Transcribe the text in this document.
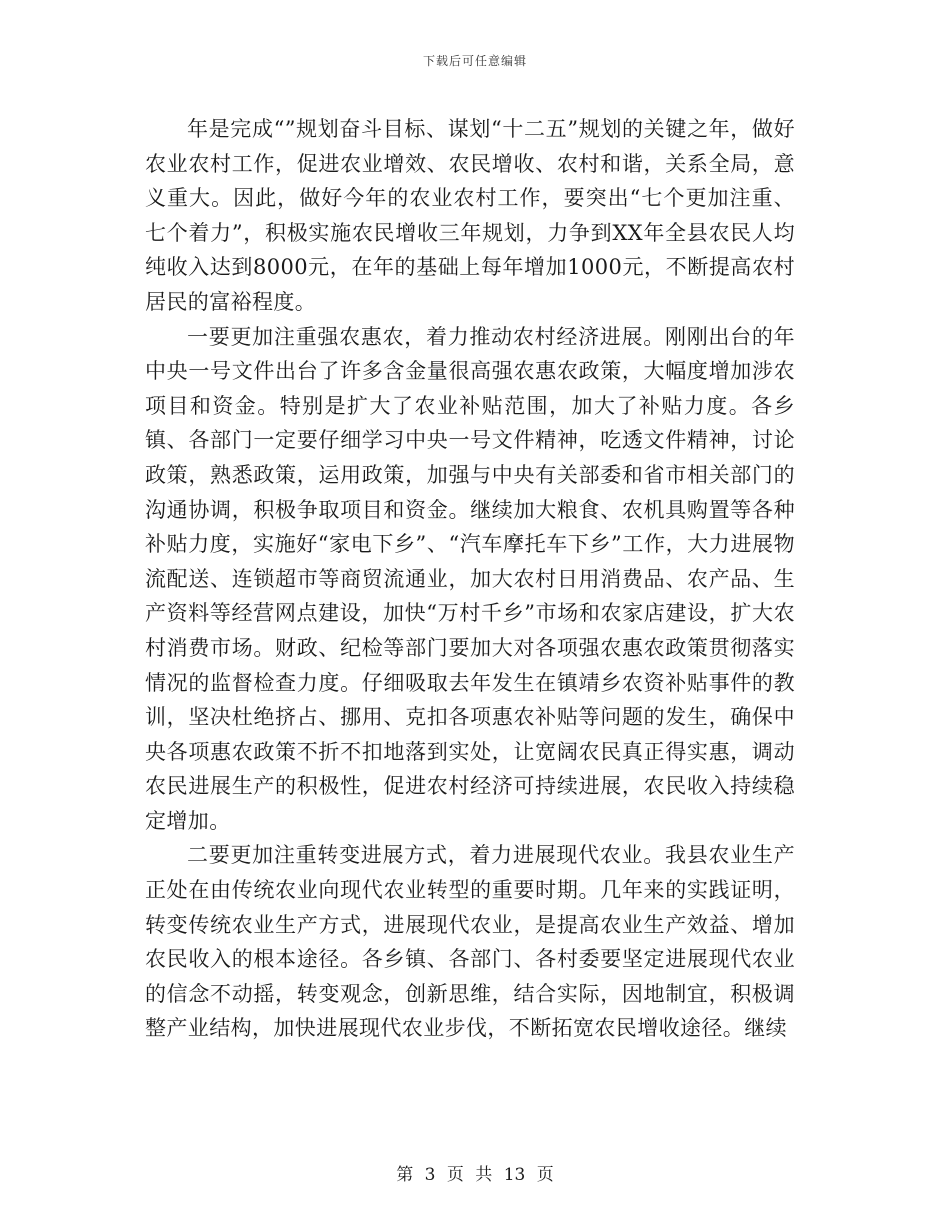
下载后可任意编辑

年是完成“”规划奋斗目标、谋划“十二五”规划的关键之年，做好农业农村工作，促进农业增效、农民增收、农村和谐，关系全局，意义重大。因此，做好今年的农业农村工作，要突出“七个更加注重、七个着力”，积极实施农民增收三年规划，力争到XX年全县农民人均纯收入达到8000元，在年的基础上每年增加1000元，不断提高农村居民的富裕程度。

一要更加注重强农惠农，着力推动农村经济进展。刚刚出台的年中央一号文件出台了许多含金量很高强农惠农政策，大幅度增加涉农项目和资金。特别是扩大了农业补贴范围，加大了补贴力度。各乡镇、各部门一定要仔细学习中央一号文件精神，吃透文件精神，讨论政策，熟悉政策，运用政策，加强与中央有关部委和省市相关部门的沟通协调，积极争取项目和资金。继续加大粮食、农机具购置等各种补贴力度，实施好“家电下乡”、“汽车摩托车下乡”工作，大力进展物流配送、连锁超市等商贸流通业，加大农村日用消费品、农产品、生产资料等经营网点建设，加快“万村千乡”市场和农家店建设，扩大农村消费市场。财政、纪检等部门要加大对各项强农惠农政策贯彻落实情况的监督检查力度。仔细吸取去年发生在镇靖乡农资补贴事件的教训，坚决杜绝挤占、挪用、克扣各项惠农补贴等问题的发生，确保中央各项惠农政策不折不扣地落到实处，让宽阔农民真正得实惠，调动农民进展生产的积极性，促进农村经济可持续进展，农民收入持续稳定增加。

二要更加注重转变进展方式，着力进展现代农业。我县农业生产正处在由传统农业向现代农业转型的重要时期。几年来的实践证明，转变传统农业生产方式，进展现代农业，是提高农业生产效益、增加农民收入的根本途径。各乡镇、各部门、各村委要坚定进展现代农业的信念不动摇，转变观念，创新思维，结合实际，因地制宜，积极调整产业结构，加快进展现代农业步伐，不断拓宽农民增收途径。继续

第 3 页 共 13 页
